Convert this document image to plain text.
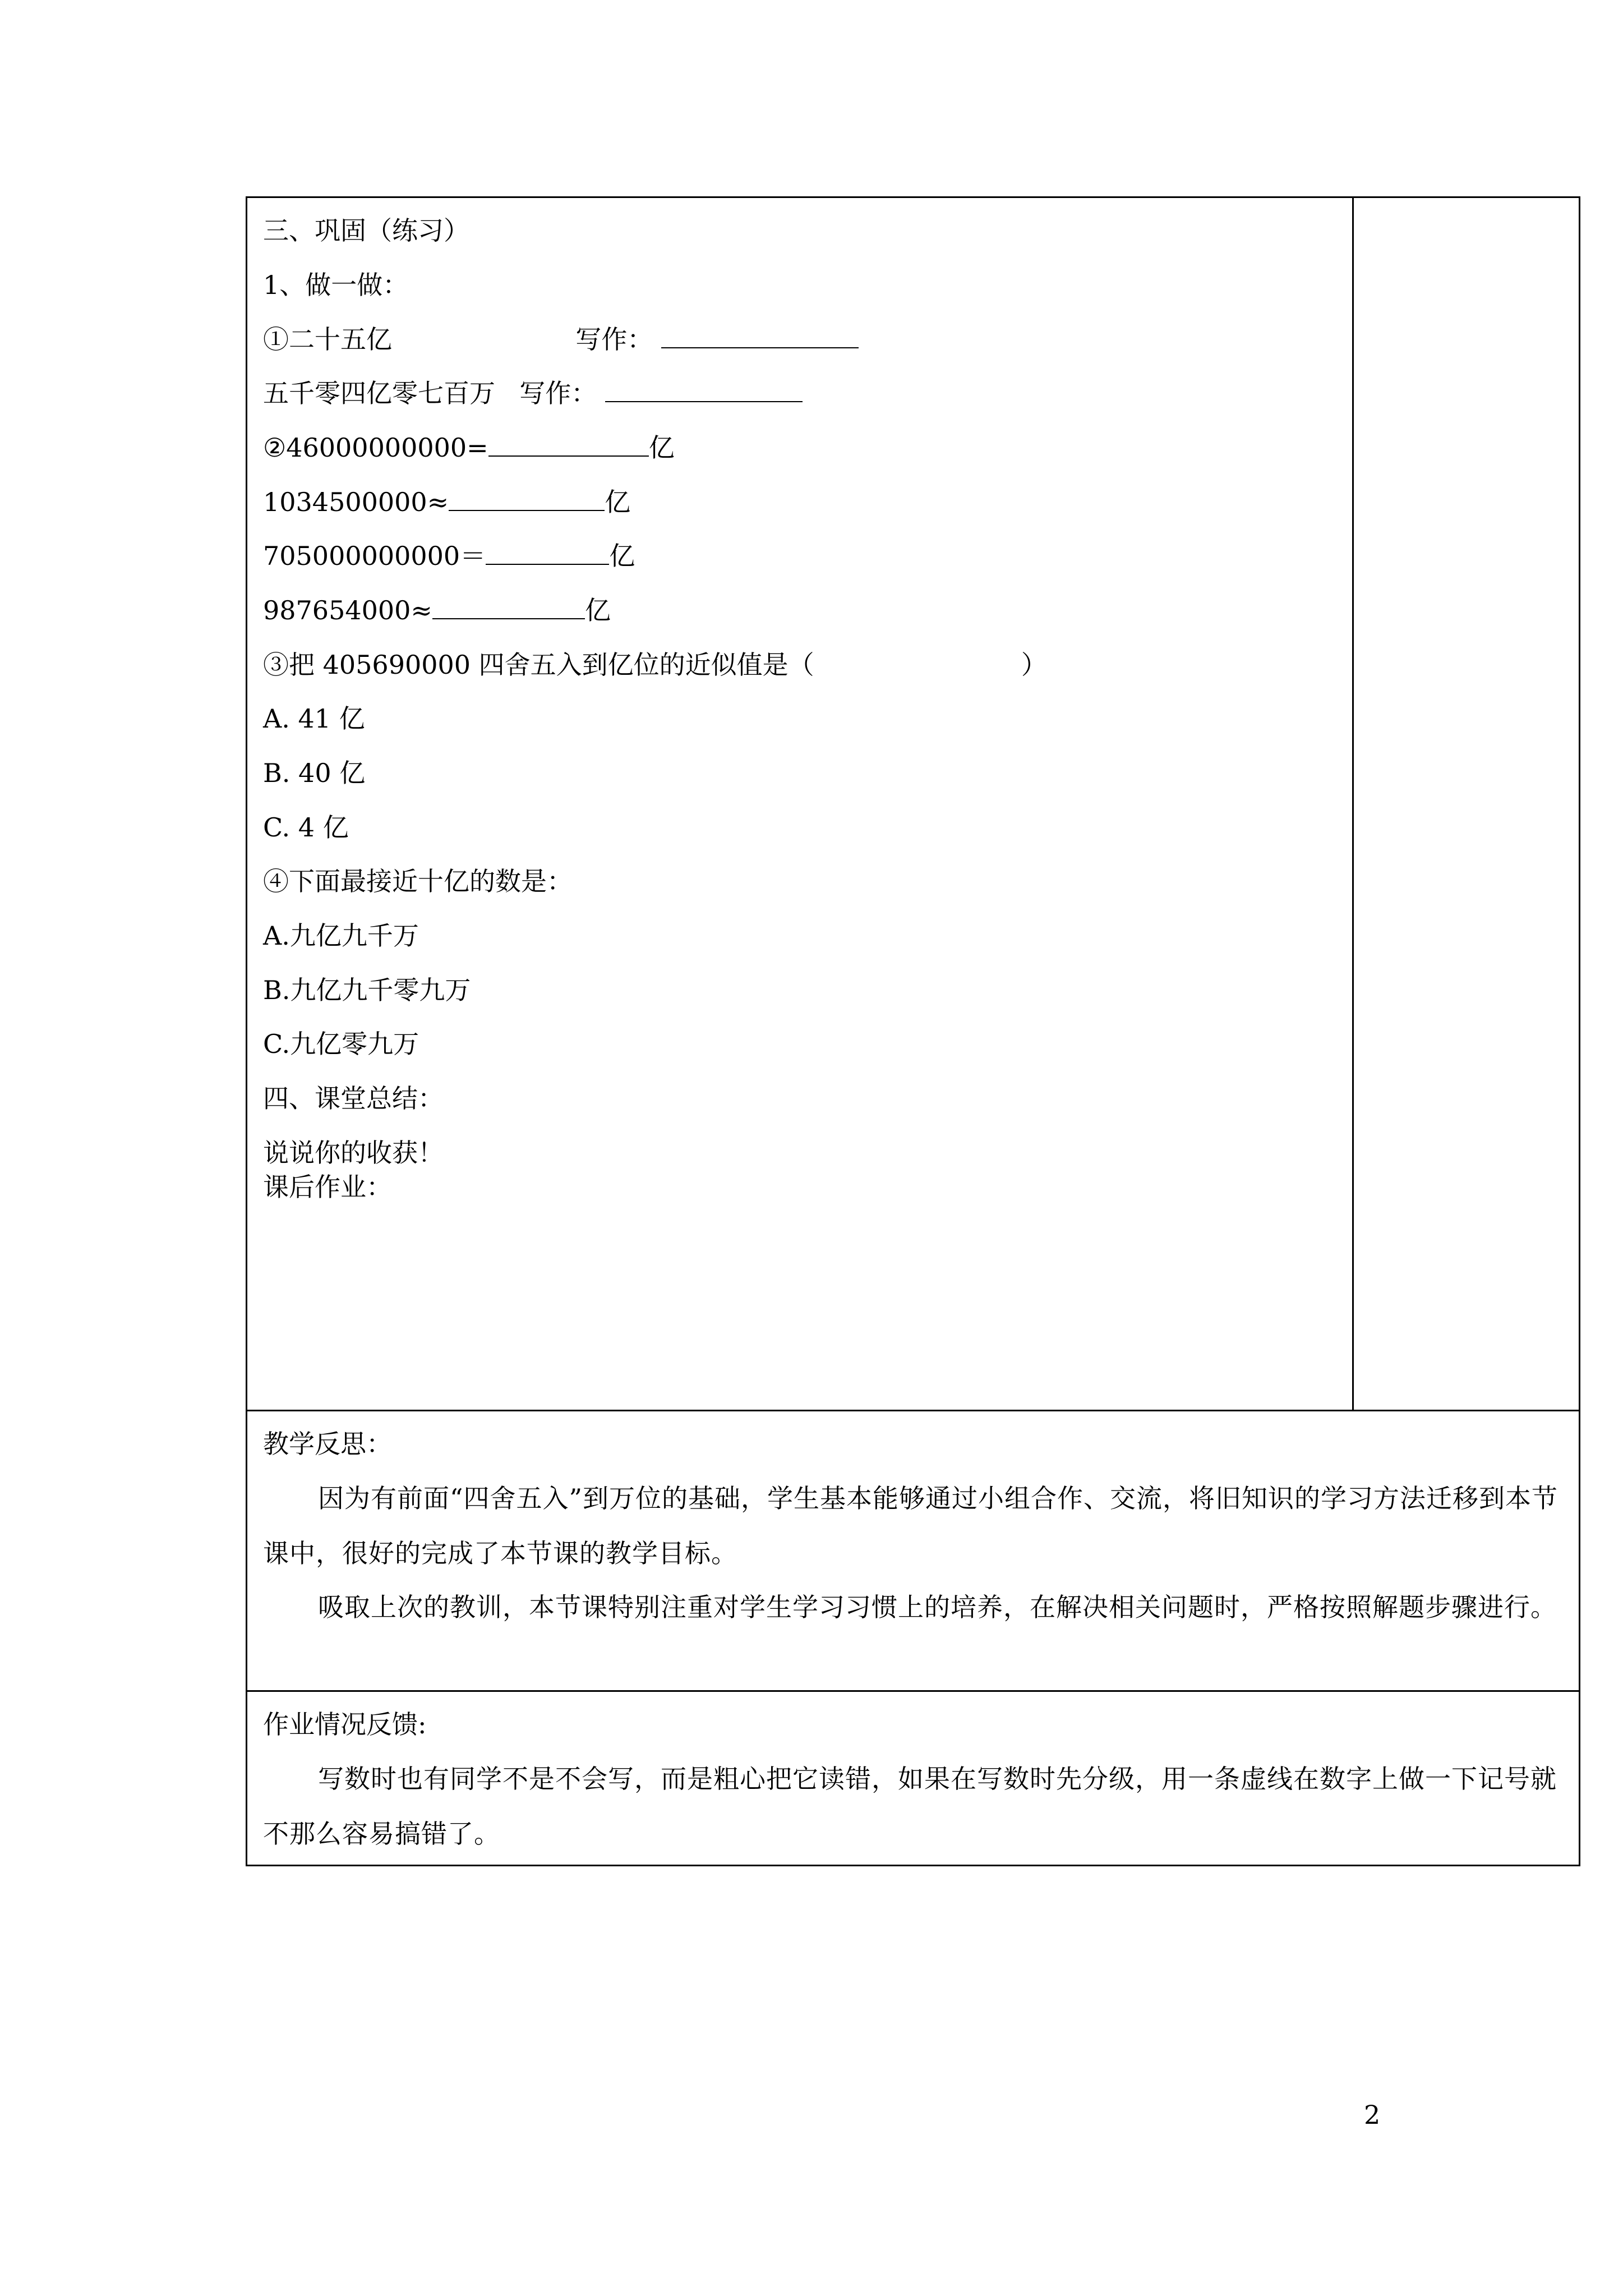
三、巩固（练习）
1、做一做：
①二十五亿	写作：
五千零四亿零七百万 写作：
②46000000000=	亿
1034500000≈	亿
705000000000＝	亿
987654000≈	亿
③把 405690000 四舍五入到亿位的近似值是（	）
A. 41 亿
B. 40 亿
C. 4 亿
④下面最接近十亿的数是：
A.九亿九千万
B.九亿九千零九万
C.九亿零九万
四、课堂总结：
说说你的收获！
课后作业：
教学反思：
因为有前面“四舍五入”到万位的基础，学生基本能够通过小组合作、交流，将旧知识的学习方法迁移到本节课中，很好的完成了本节课的教学目标。
吸取上次的教训，本节课特别注重对学生学习习惯上的培养，在解决相关问题时，严格按照解题步骤进行。
作业情况反馈:
写数时也有同学不是不会写，而是粗心把它读错，如果在写数时先分级，用一条虚线在数字上做一下记号就不那么容易搞错了。
2
